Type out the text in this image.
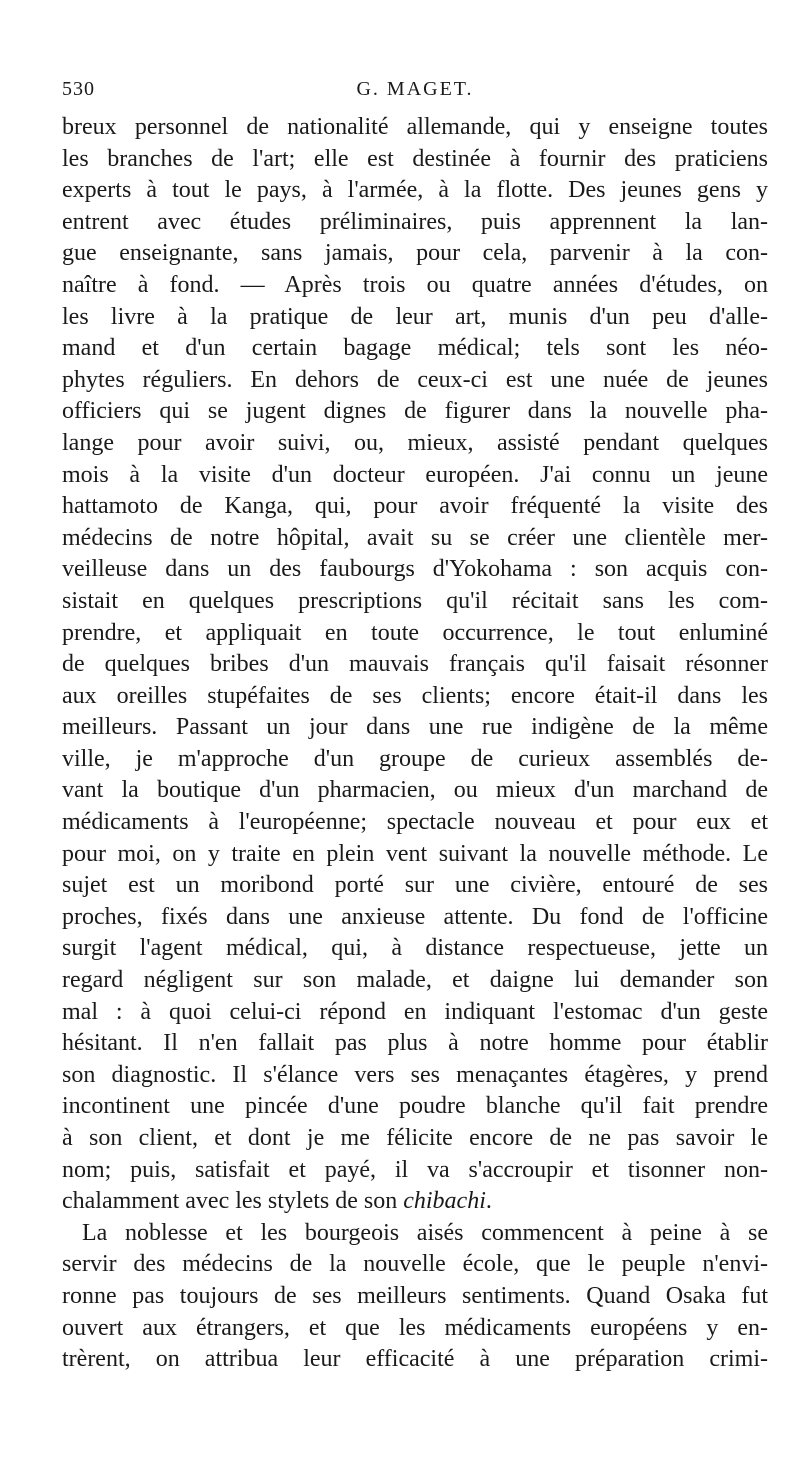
530	G. MAGET.
breux personnel de nationalité allemande, qui y enseigne toutes
les branches de l'art; elle est destinée à fournir des praticiens
experts à tout le pays, à l'armée, à la flotte. Des jeunes gens y
entrent avec études préliminaires, puis apprennent la lan-
gue enseignante, sans jamais, pour cela, parvenir à la con-
naître à fond. — Après trois ou quatre années d'études, on
les livre à la pratique de leur art, munis d'un peu d'alle-
mand et d'un certain bagage médical; tels sont les néo-
phytes réguliers. En dehors de ceux-ci est une nuée de jeunes
officiers qui se jugent dignes de figurer dans la nouvelle pha-
lange pour avoir suivi, ou, mieux, assisté pendant quelques
mois à la visite d'un docteur européen. J'ai connu un jeune
hattamoto de Kanga, qui, pour avoir fréquenté la visite des
médecins de notre hôpital, avait su se créer une clientèle mer-
veilleuse dans un des faubourgs d'Yokohama : son acquis con-
sistait en quelques prescriptions qu'il récitait sans les com-
prendre, et appliquait en toute occurrence, le tout enluminé
de quelques bribes d'un mauvais français qu'il faisait résonner
aux oreilles stupéfaites de ses clients; encore était-il dans les
meilleurs. Passant un jour dans une rue indigène de la même
ville, je m'approche d'un groupe de curieux assemblés de-
vant la boutique d'un pharmacien, ou mieux d'un marchand de
médicaments à l'européenne; spectacle nouveau et pour eux et
pour moi, on y traite en plein vent suivant la nouvelle méthode. Le
sujet est un moribond porté sur une civière, entouré de ses
proches, fixés dans une anxieuse attente. Du fond de l'officine
surgit l'agent médical, qui, à distance respectueuse, jette un
regard négligent sur son malade, et daigne lui demander son
mal : à quoi celui-ci répond en indiquant l'estomac d'un geste
hésitant. Il n'en fallait pas plus à notre homme pour établir
son diagnostic. Il s'élance vers ses menaçantes étagères, y prend
incontinent une pincée d'une poudre blanche qu'il fait prendre
à son client, et dont je me félicite encore de ne pas savoir le
nom; puis, satisfait et payé, il va s'accroupir et tisonner non-
chalamment avec les stylets de son chibachi.
La noblesse et les bourgeois aisés commencent à peine à se
servir des médecins de la nouvelle école, que le peuple n'envi-
ronne pas toujours de ses meilleurs sentiments. Quand Osaka fut
ouvert aux étrangers, et que les médicaments européens y en-
trèrent, on attribua leur efficacité à une préparation crimi-
